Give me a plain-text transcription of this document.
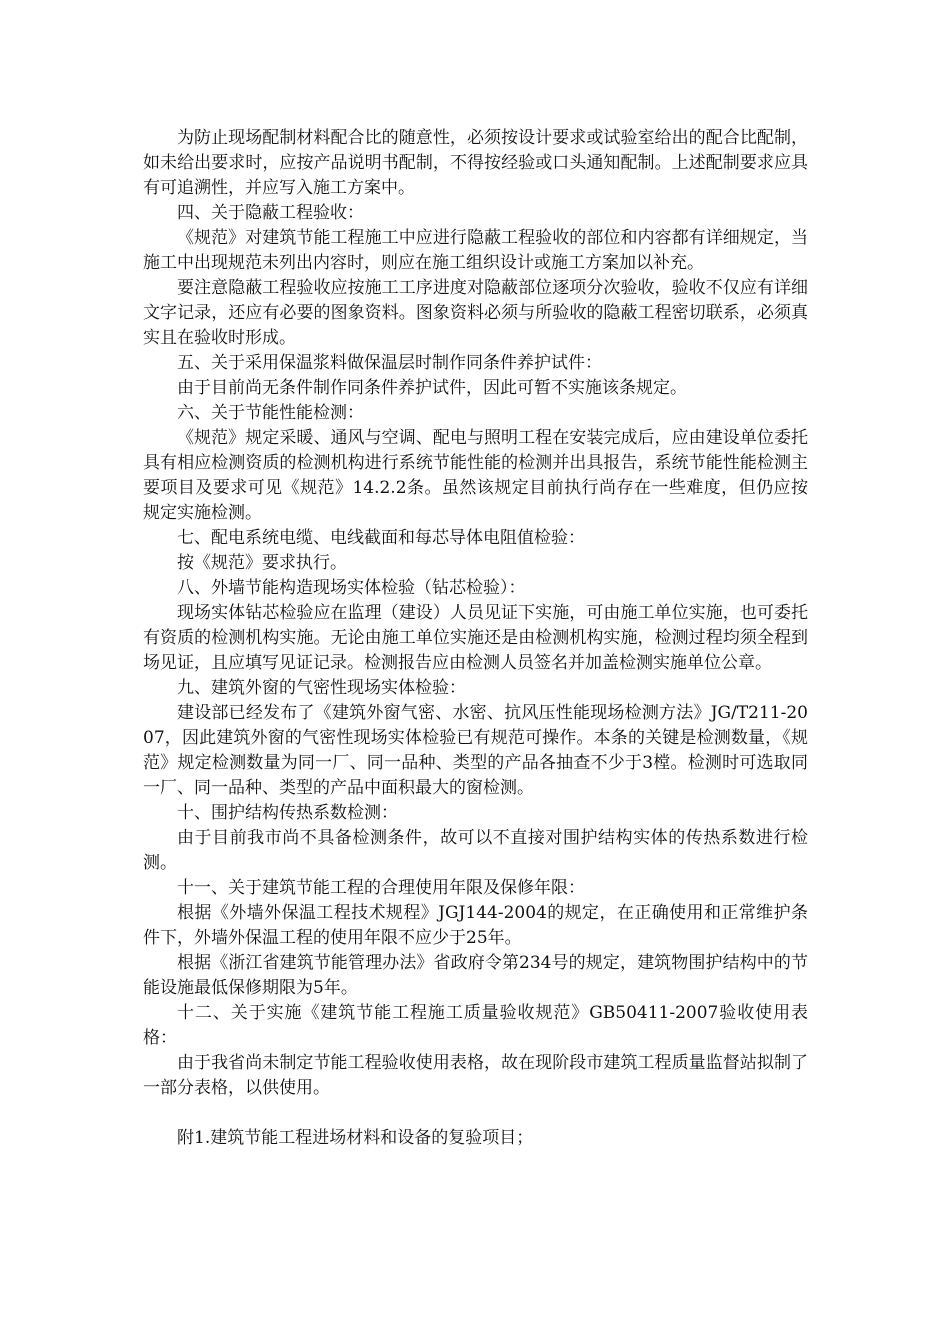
为防止现场配制材料配合比的随意性，必须按设计要求或试验室给出的配合比配制，如未给出要求时，应按产品说明书配制，不得按经验或口头通知配制。上述配制要求应具有可追溯性，并应写入施工方案中。

四、关于隐蔽工程验收：

《规范》对建筑节能工程施工中应进行隐蔽工程验收的部位和内容都有详细规定，当施工中出现规范未列出内容时，则应在施工组织设计或施工方案加以补充。

要注意隐蔽工程验收应按施工工序进度对隐蔽部位逐项分次验收，验收不仅应有详细文字记录，还应有必要的图象资料。图象资料必须与所验收的隐蔽工程密切联系，必须真实且在验收时形成。

五、关于采用保温浆料做保温层时制作同条件养护试件：

由于目前尚无条件制作同条件养护试件，因此可暂不实施该条规定。

六、关于节能性能检测：

《规范》规定采暖、通风与空调、配电与照明工程在安装完成后，应由建设单位委托具有相应检测资质的检测机构进行系统节能性能的检测并出具报告，系统节能性能检测主要项目及要求可见《规范》14.2.2条。虽然该规定目前执行尚存在一些难度，但仍应按规定实施检测。

七、配电系统电缆、电线截面和每芯导体电阻值检验：

按《规范》要求执行。

八、外墙节能构造现场实体检验（钻芯检验）：

现场实体钻芯检验应在监理（建设）人员见证下实施，可由施工单位实施，也可委托有资质的检测机构实施。无论由施工单位实施还是由检测机构实施，检测过程均须全程到场见证，且应填写见证记录。检测报告应由检测人员签名并加盖检测实施单位公章。

九、建筑外窗的气密性现场实体检验：

建设部已经发布了《建筑外窗气密、水密、抗风压性能现场检测方法》JG/T211-2007，因此建筑外窗的气密性现场实体检验已有规范可操作。本条的关键是检测数量，《规范》规定检测数量为同一厂、同一品种、类型的产品各抽查不少于3樘。检测时可选取同一厂、同一品种、类型的产品中面积最大的窗检测。

十、围护结构传热系数检测：

由于目前我市尚不具备检测条件，故可以不直接对围护结构实体的传热系数进行检测。

十一、关于建筑节能工程的合理使用年限及保修年限：

根据《外墙外保温工程技术规程》JGJ144-2004的规定，在正确使用和正常维护条件下，外墙外保温工程的使用年限不应少于25年。

根据《浙江省建筑节能管理办法》省政府令第234号的规定，建筑物围护结构中的节能设施最低保修期限为5年。

十二、关于实施《建筑节能工程施工质量验收规范》GB50411-2007验收使用表格：

由于我省尚未制定节能工程验收使用表格，故在现阶段市建筑工程质量监督站拟制了一部分表格，以供使用。

附1.建筑节能工程进场材料和设备的复验项目；
